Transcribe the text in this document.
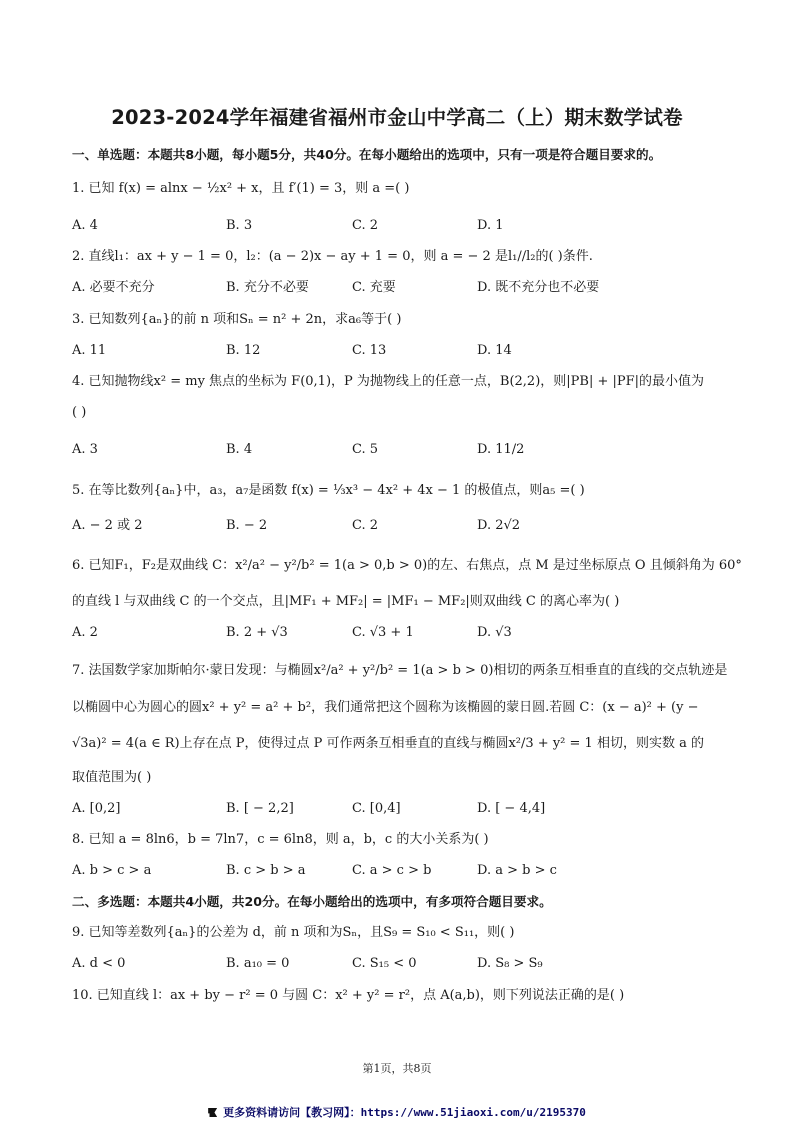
2023-2024学年福建省福州市金山中学高二（上）期末数学试卷
一、单选题：本题共8小题，每小题5分，共40分。在每小题给出的选项中，只有一项是符合题目要求的。
1. 已知 f(x) = alnx − ½x² + x，且 f′(1) = 3，则 a =( )
A. 4	B. 3	C. 2	D. 1
2. 直线l₁：ax + y − 1 = 0，l₂：(a − 2)x − ay + 1 = 0，则 a = − 2 是l₁//l₂的( )条件.
A. 必要不充分	B. 充分不必要	C. 充要	D. 既不充分也不必要
3. 已知数列{aₙ}的前 n 项和Sₙ = n² + 2n，求a₆等于( )
A. 11	B. 12	C. 13	D. 14
4. 已知抛物线x² = my 焦点的坐标为 F(0,1)，P 为抛物线上的任意一点，B(2,2)，则|PB| + |PF|的最小值为
( )
A. 3	B. 4	C. 5	D. 11/2
5. 在等比数列{aₙ}中，a₃，a₇是函数 f(x) = ⅓x³ − 4x² + 4x − 1 的极值点，则a₅ =( )
A. − 2 或 2	B. − 2	C. 2	D. 2√2
6. 已知F₁，F₂是双曲线 C：x²/a² − y²/b² = 1(a > 0,b > 0)的左、右焦点，点 M 是过坐标原点 O 且倾斜角为 60°
的直线 l 与双曲线 C 的一个交点，且|MF₁ + MF₂| = |MF₁ − MF₂|则双曲线 C 的离心率为( )
A. 2	B. 2 + √3	C. √3 + 1	D. √3
7. 法国数学家加斯帕尔·蒙日发现：与椭圆x²/a² + y²/b² = 1(a > b > 0)相切的两条互相垂直的直线的交点轨迹是
以椭圆中心为圆心的圆x² + y² = a² + b²，我们通常把这个圆称为该椭圆的蒙日圆.若圆 C：(x − a)² + (y −
√3a)² = 4(a ∈ R)上存在点 P，使得过点 P 可作两条互相垂直的直线与椭圆x²/3 + y² = 1 相切，则实数 a 的
取值范围为( )
A. [0,2]	B. [ − 2,2]	C. [0,4]	D. [ − 4,4]
8. 已知 a = 8ln6，b = 7ln7，c = 6ln8，则 a，b，c 的大小关系为( )
A. b > c > a	B. c > b > a	C. a > c > b	D. a > b > c
二、多选题：本题共4小题，共20分。在每小题给出的选项中，有多项符合题目要求。
9. 已知等差数列{aₙ}的公差为 d，前 n 项和为Sₙ，且S₉ = S₁₀ < S₁₁，则( )
A. d < 0	B. a₁₀ = 0	C. S₁₅ < 0	D. S₈ > S₉
10. 已知直线 l：ax + by − r² = 0 与圆 C：x² + y² = r²，点 A(a,b)，则下列说法正确的是( )
第1页，共8页
更多资料请访问【教习网】：https://www.51jiaoxi.com/u/2195370
